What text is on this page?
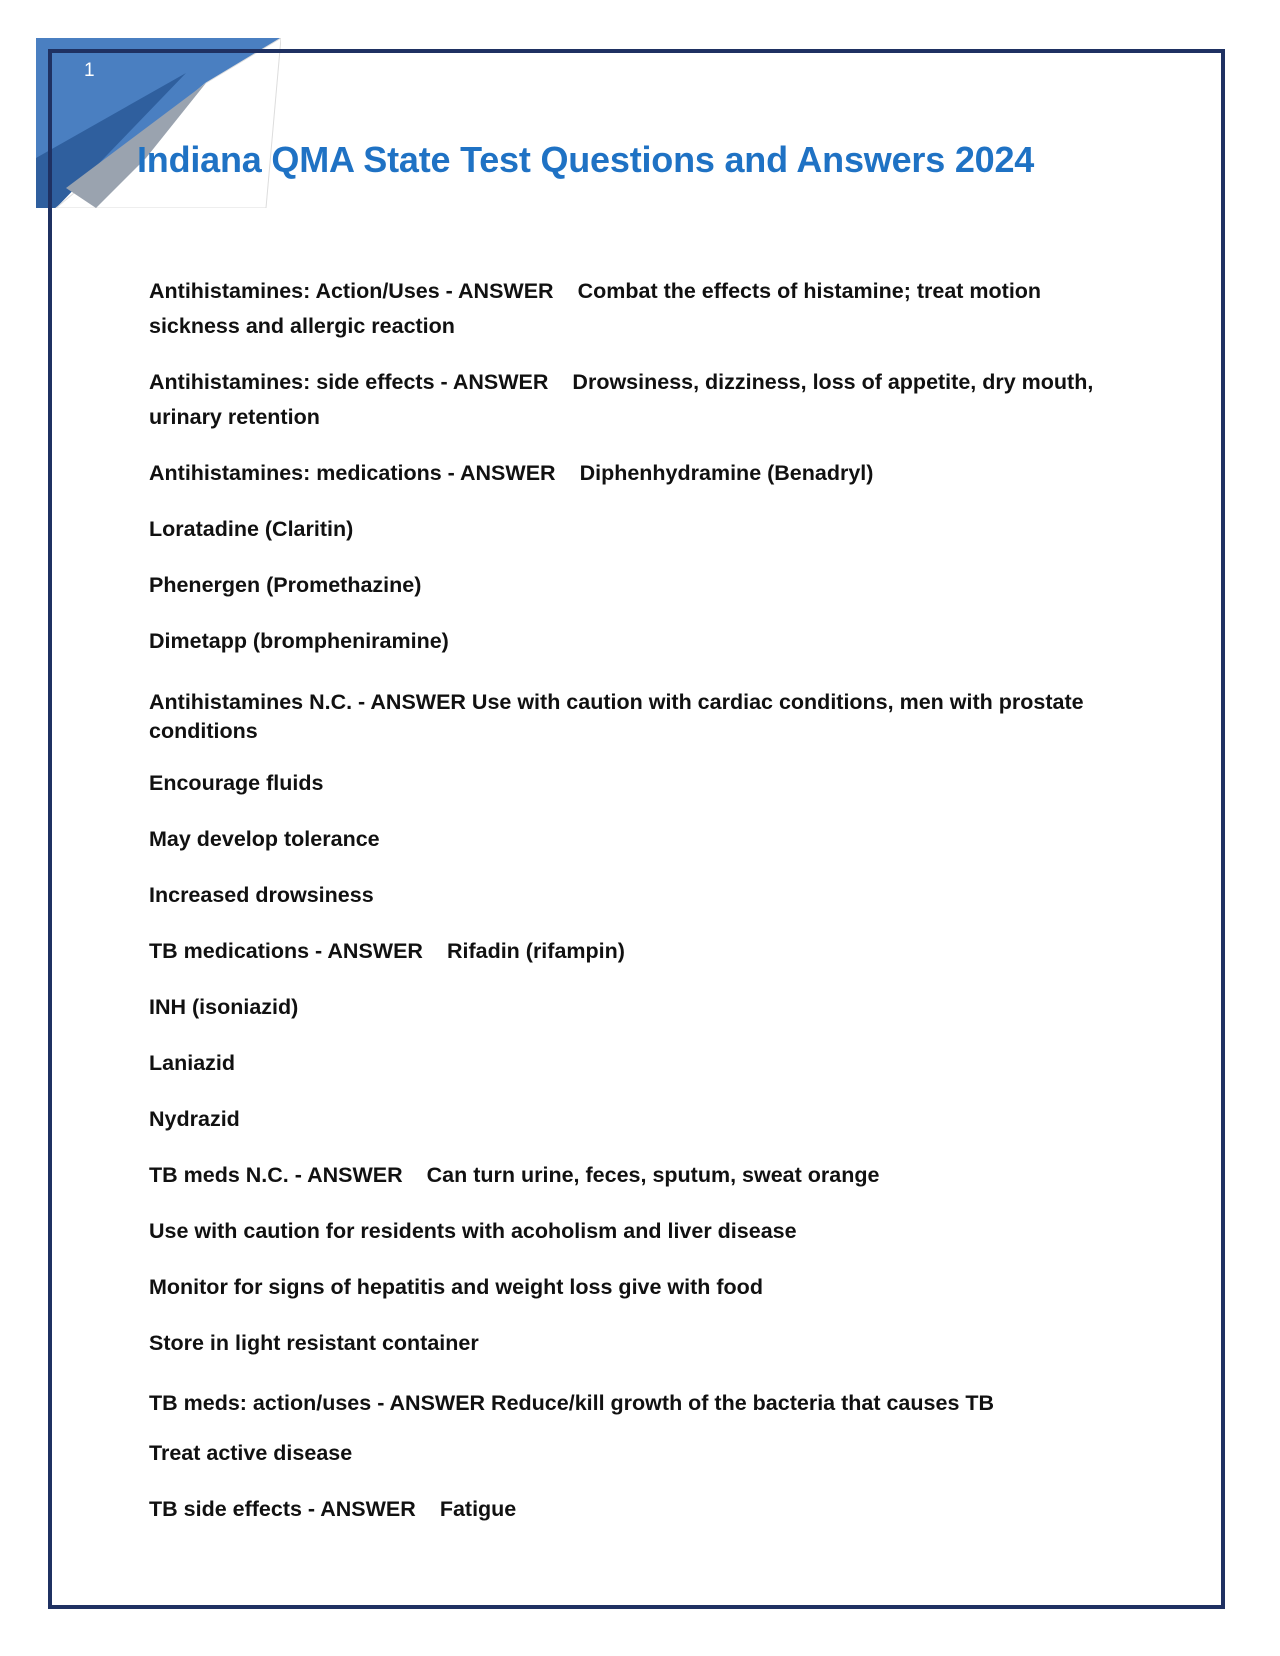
1
Indiana QMA State Test Questions and Answers 2024

Antihistamines: Action/Uses - ANSWER Combat the effects of histamine; treat motion sickness and allergic reaction

Antihistamines: side effects - ANSWER Drowsiness, dizziness, loss of appetite, dry mouth, urinary retention

Antihistamines: medications - ANSWER Diphenhydramine (Benadryl)

Loratadine (Claritin)

Phenergen (Promethazine)

Dimetapp (brompheniramine)

Antihistamines N.C. - ANSWER Use with caution with cardiac conditions, men with prostate conditions

Encourage fluids

May develop tolerance

Increased drowsiness

TB medications - ANSWER Rifadin (rifampin)

INH (isoniazid)

Laniazid

Nydrazid

TB meds N.C. - ANSWER Can turn urine, feces, sputum, sweat orange

Use with caution for residents with acoholism and liver disease

Monitor for signs of hepatitis and weight loss give with food

Store in light resistant container

TB meds: action/uses - ANSWER Reduce/kill growth of the bacteria that causes TB

Treat active disease

TB side effects - ANSWER Fatigue
